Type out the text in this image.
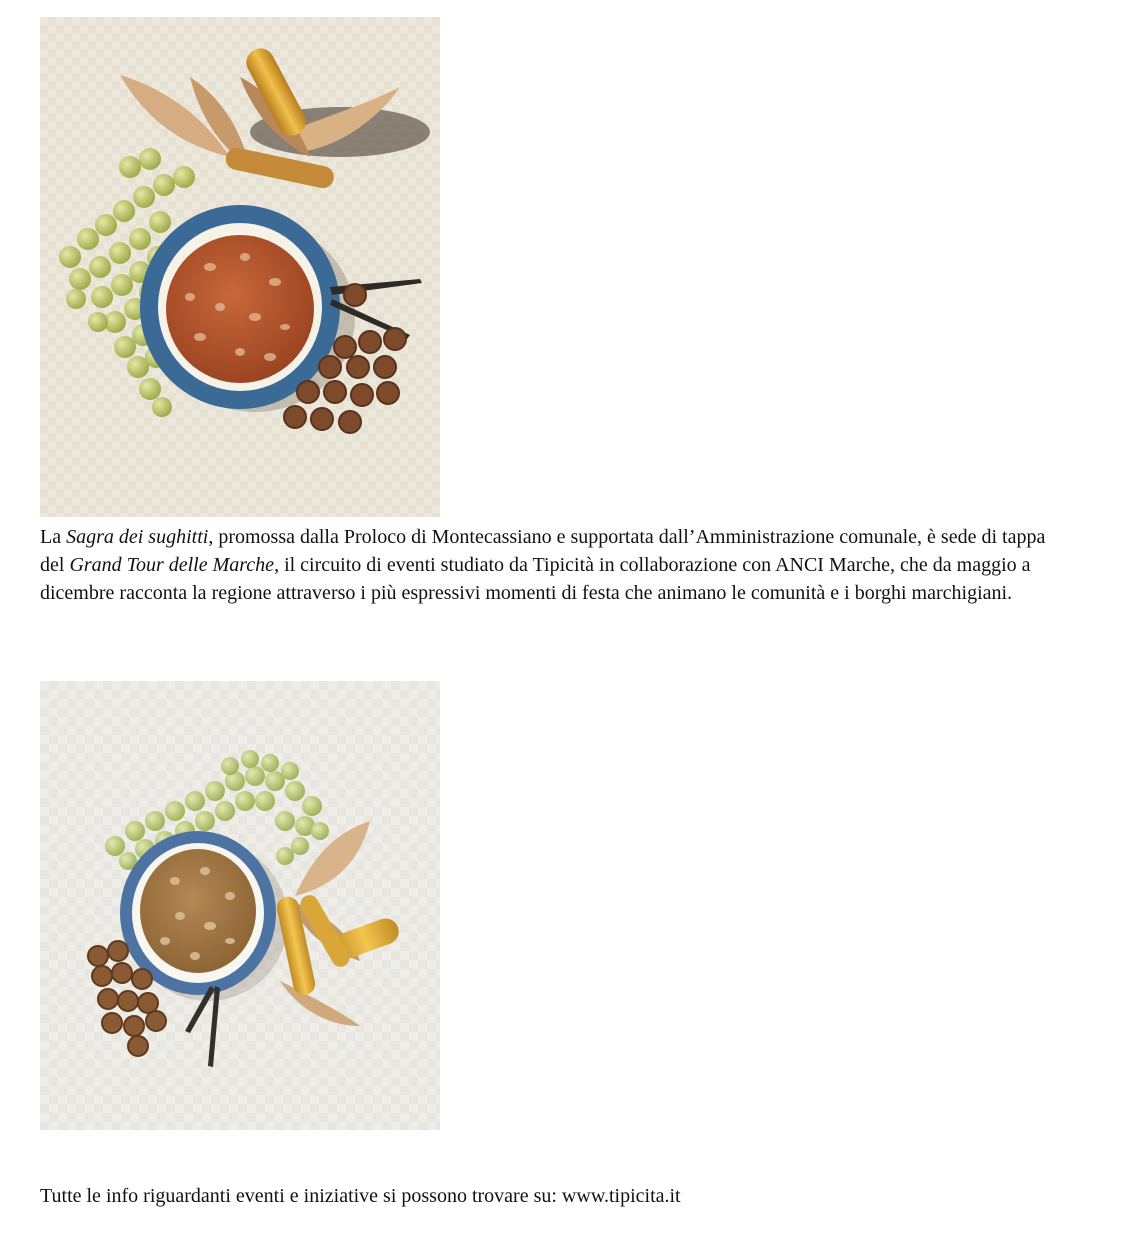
La Sagra dei sughitti, promossa dalla Proloco di Montecassiano e supportata dall’Amministrazione comunale, è sede di tappa del Grand Tour delle Marche, il circuito di eventi studiato da Tipicità in collaborazione con ANCI Marche, che da maggio a dicembre racconta la regione attraverso i più espressivi momenti di festa che animano le comunità e i borghi marchigiani.

Tutte le info riguardanti eventi e iniziative si possono trovare su: www.tipicita.it
